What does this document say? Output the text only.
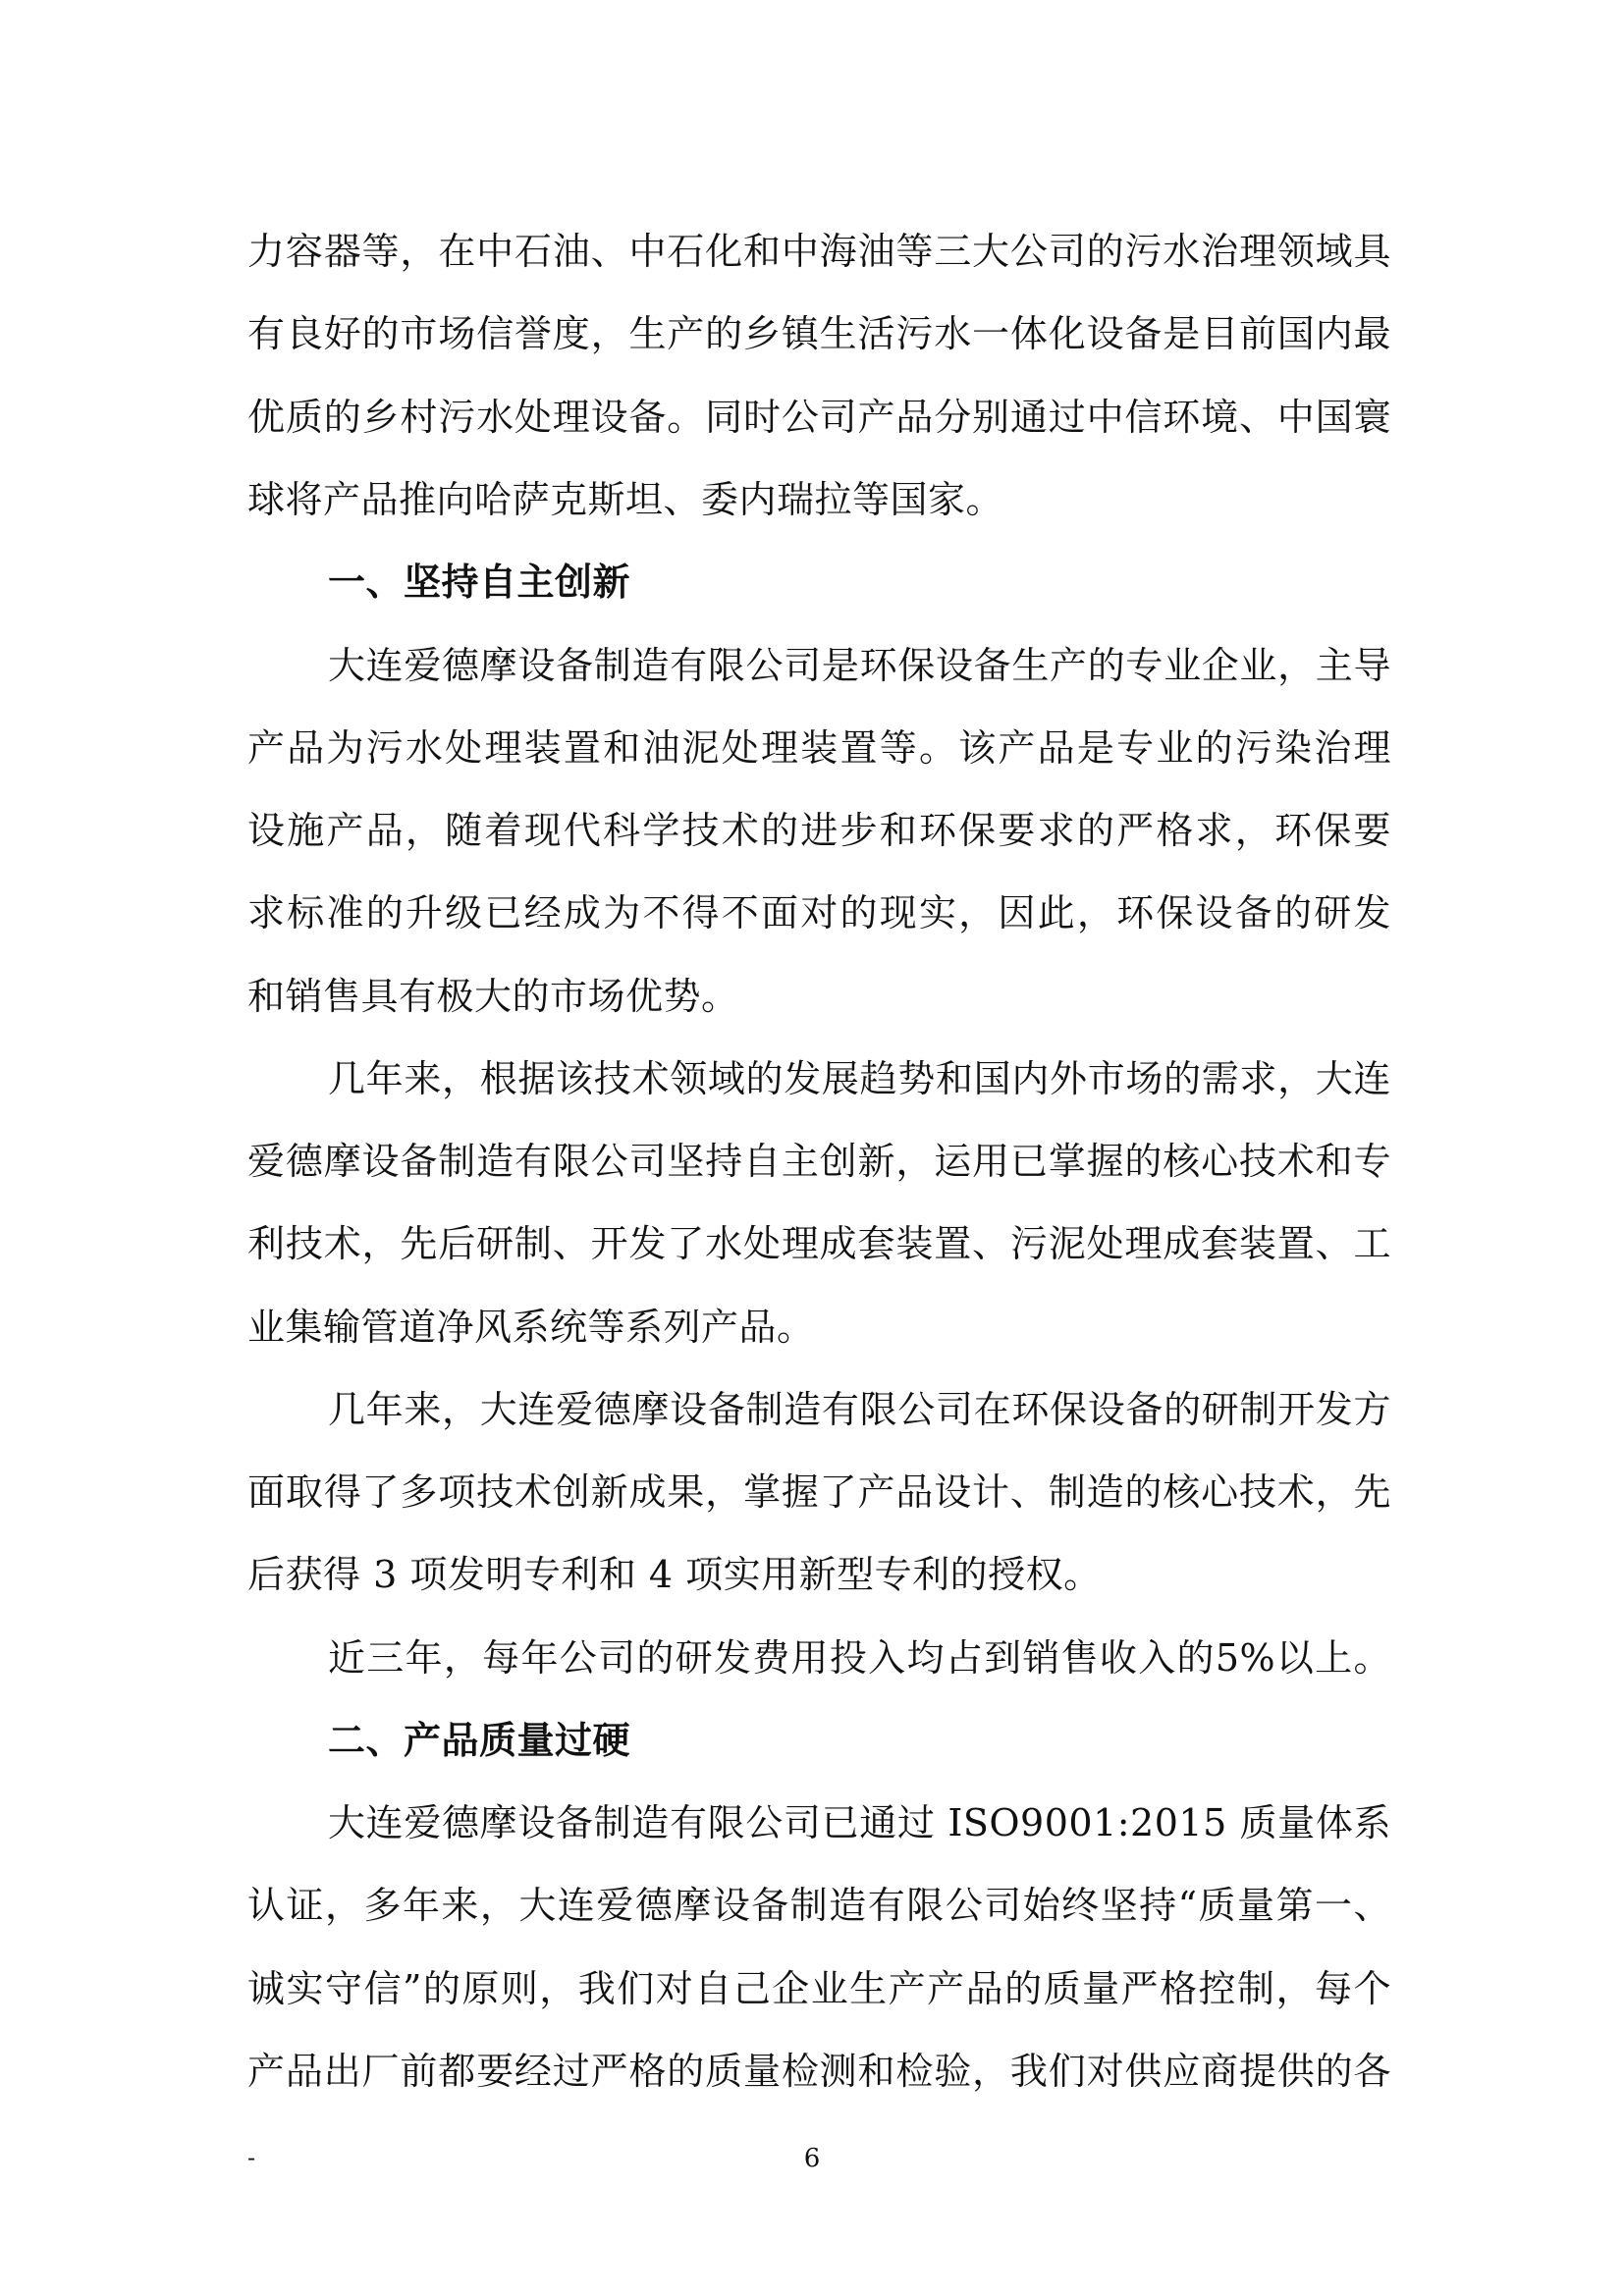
力容器等，在中石油、中石化和中海油等三大公司的污水治理领域具
有良好的市场信誉度，生产的乡镇生活污水一体化设备是目前国内最
优质的乡村污水处理设备。同时公司产品分别通过中信环境、中国寰
球将产品推向哈萨克斯坦、委内瑞拉等国家。
一、坚持自主创新
大连爱德摩设备制造有限公司是环保设备生产的专业企业，主导
产品为污水处理装置和油泥处理装置等。该产品是专业的污染治理
设施产品，随着现代科学技术的进步和环保要求的严格求，环保要
求标准的升级已经成为不得不面对的现实，因此，环保设备的研发
和销售具有极大的市场优势。
几年来，根据该技术领域的发展趋势和国内外市场的需求，大连
爱德摩设备制造有限公司坚持自主创新，运用已掌握的核心技术和专
利技术，先后研制、开发了水处理成套装置、污泥处理成套装置、工
业集输管道净风系统等系列产品。
几年来，大连爱德摩设备制造有限公司在环保设备的研制开发方
面取得了多项技术创新成果，掌握了产品设计、制造的核心技术，先
后获得 3 项发明专利和 4 项实用新型专利的授权。
近三年，每年公司的研发费用投入均占到销售收入的5%以上。
二、产品质量过硬
大连爱德摩设备制造有限公司已通过 ISO9001:2015 质量体系
认证，多年来，大连爱德摩设备制造有限公司始终坚持“质量第一、
诚实守信”的原则，我们对自己企业生产产品的质量严格控制，每个
产品出厂前都要经过严格的质量检测和检验，我们对供应商提供的各
-	6
